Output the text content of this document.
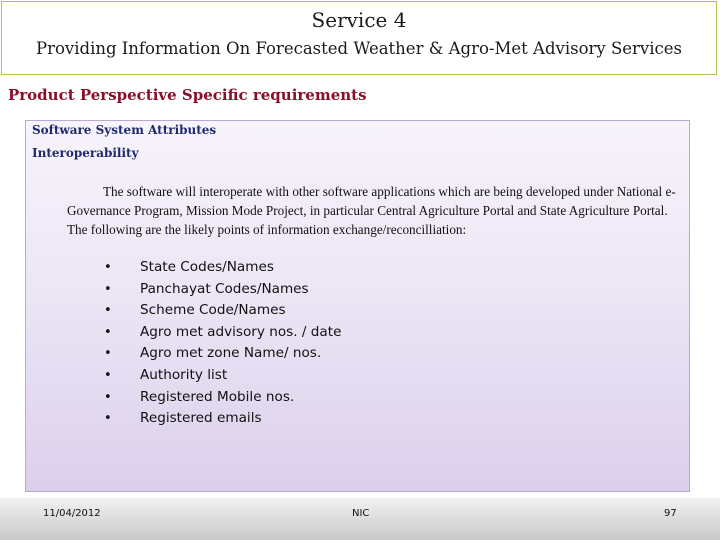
Service 4
Providing Information On Forecasted Weather & Agro-Met Advisory Services
Product Perspective Specific requirements
Software System Attributes
Interoperability
The software will interoperate with other software applications which are being developed under National e-Governance Program, Mission Mode Project, in particular Central Agriculture Portal and State Agriculture Portal. The following are the likely points of information exchange/reconcilliation:
• State Codes/Names
• Panchayat Codes/Names
• Scheme Code/Names
• Agro met advisory nos. / date
• Agro met zone Name/ nos.
• Authority list
• Registered Mobile nos.
• Registered emails
11/04/2012	NIC	97
